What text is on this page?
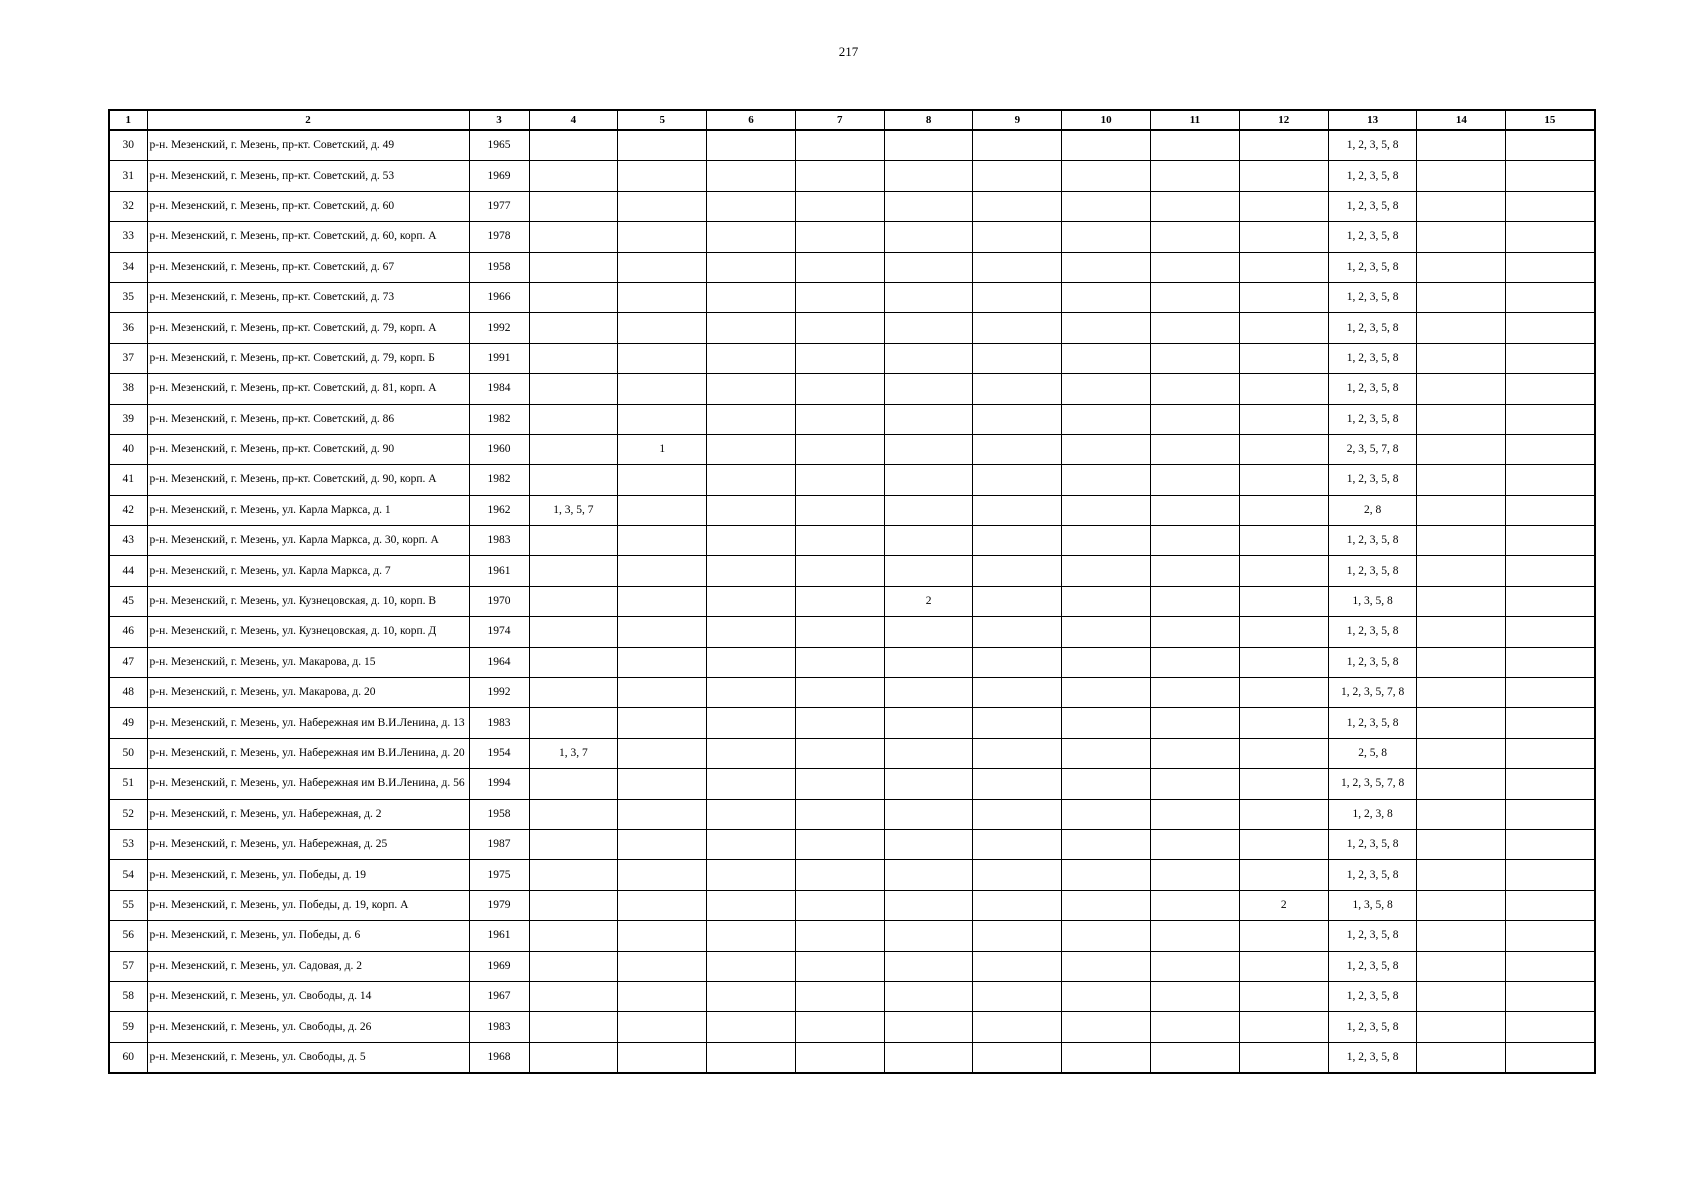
217
1	2	3	4	5	6	7	8	9	10	11	12	13	14	15
30	р-н. Мезенский, г. Мезень, пр-кт. Советский, д. 49	1965										1, 2, 3, 5, 8		
31	р-н. Мезенский, г. Мезень, пр-кт. Советский, д. 53	1969										1, 2, 3, 5, 8		
32	р-н. Мезенский, г. Мезень, пр-кт. Советский, д. 60	1977										1, 2, 3, 5, 8		
33	р-н. Мезенский, г. Мезень, пр-кт. Советский, д. 60, корп. А	1978										1, 2, 3, 5, 8		
34	р-н. Мезенский, г. Мезень, пр-кт. Советский, д. 67	1958										1, 2, 3, 5, 8		
35	р-н. Мезенский, г. Мезень, пр-кт. Советский, д. 73	1966										1, 2, 3, 5, 8		
36	р-н. Мезенский, г. Мезень, пр-кт. Советский, д. 79, корп. А	1992										1, 2, 3, 5, 8		
37	р-н. Мезенский, г. Мезень, пр-кт. Советский, д. 79, корп. Б	1991										1, 2, 3, 5, 8		
38	р-н. Мезенский, г. Мезень, пр-кт. Советский, д. 81, корп. А	1984										1, 2, 3, 5, 8		
39	р-н. Мезенский, г. Мезень, пр-кт. Советский, д. 86	1982										1, 2, 3, 5, 8		
40	р-н. Мезенский, г. Мезень, пр-кт. Советский, д. 90	1960		1								2, 3, 5, 7, 8		
41	р-н. Мезенский, г. Мезень, пр-кт. Советский, д. 90, корп. А	1982										1, 2, 3, 5, 8		
42	р-н. Мезенский, г. Мезень, ул. Карла Маркса, д. 1	1962	1, 3, 5, 7									2, 8		
43	р-н. Мезенский, г. Мезень, ул. Карла Маркса, д. 30, корп. А	1983										1, 2, 3, 5, 8		
44	р-н. Мезенский, г. Мезень, ул. Карла Маркса, д. 7	1961										1, 2, 3, 5, 8		
45	р-н. Мезенский, г. Мезень, ул. Кузнецовская, д. 10, корп. В	1970					2					1, 3, 5, 8		
46	р-н. Мезенский, г. Мезень, ул. Кузнецовская, д. 10, корп. Д	1974										1, 2, 3, 5, 8		
47	р-н. Мезенский, г. Мезень, ул. Макарова, д. 15	1964										1, 2, 3, 5, 8		
48	р-н. Мезенский, г. Мезень, ул. Макарова, д. 20	1992										1, 2, 3, 5, 7, 8		
49	р-н. Мезенский, г. Мезень, ул. Набережная им В.И.Ленина, д. 13	1983										1, 2, 3, 5, 8		
50	р-н. Мезенский, г. Мезень, ул. Набережная им В.И.Ленина, д. 20	1954	1, 3, 7									2, 5, 8		
51	р-н. Мезенский, г. Мезень, ул. Набережная им В.И.Ленина, д. 56	1994										1, 2, 3, 5, 7, 8		
52	р-н. Мезенский, г. Мезень, ул. Набережная, д. 2	1958										1, 2, 3, 8		
53	р-н. Мезенский, г. Мезень, ул. Набережная, д. 25	1987										1, 2, 3, 5, 8		
54	р-н. Мезенский, г. Мезень, ул. Победы, д. 19	1975										1, 2, 3, 5, 8		
55	р-н. Мезенский, г. Мезень, ул. Победы, д. 19, корп. А	1979									2	1, 3, 5, 8		
56	р-н. Мезенский, г. Мезень, ул. Победы, д. 6	1961										1, 2, 3, 5, 8		
57	р-н. Мезенский, г. Мезень, ул. Садовая, д. 2	1969										1, 2, 3, 5, 8		
58	р-н. Мезенский, г. Мезень, ул. Свободы, д. 14	1967										1, 2, 3, 5, 8		
59	р-н. Мезенский, г. Мезень, ул. Свободы, д. 26	1983										1, 2, 3, 5, 8		
60	р-н. Мезенский, г. Мезень, ул. Свободы, д. 5	1968										1, 2, 3, 5, 8		
